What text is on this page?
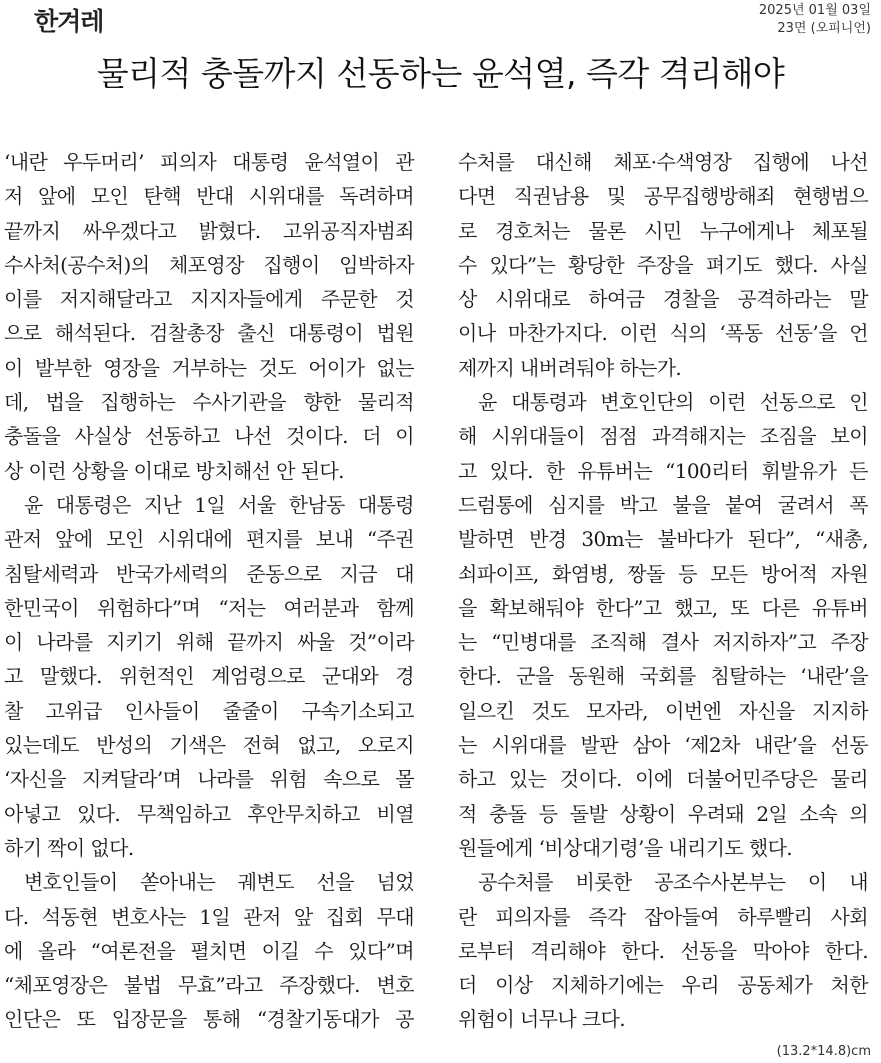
한겨레	2025년 01월 03일
23면 (오피니언)
물리적 충돌까지 선동하는 윤석열, 즉각 격리해야
‘내란 우두머리’ 피의자 대통령 윤석열이 관
저 앞에 모인 탄핵 반대 시위대를 독려하며
끝까지 싸우겠다고 밝혔다. 고위공직자범죄
수사처(공수처)의 체포영장 집행이 임박하자
이를 저지해달라고 지지자들에게 주문한 것
으로 해석된다. 검찰총장 출신 대통령이 법원
이 발부한 영장을 거부하는 것도 어이가 없는
데, 법을 집행하는 수사기관을 향한 물리적
충돌을 사실상 선동하고 나선 것이다. 더 이
상 이런 상황을 이대로 방치해선 안 된다.
윤 대통령은 지난 1일 서울 한남동 대통령
관저 앞에 모인 시위대에 편지를 보내 “주권
침탈세력과 반국가세력의 준동으로 지금 대
한민국이 위험하다”며 “저는 여러분과 함께
이 나라를 지키기 위해 끝까지 싸울 것”이라
고 말했다. 위헌적인 계엄령으로 군대와 경
찰 고위급 인사들이 줄줄이 구속기소되고
있는데도 반성의 기색은 전혀 없고, 오로지
‘자신을 지켜달라’며 나라를 위험 속으로 몰
아넣고 있다. 무책임하고 후안무치하고 비열
하기 짝이 없다.
변호인들이 쏟아내는 궤변도 선을 넘었
다. 석동현 변호사는 1일 관저 앞 집회 무대
에 올라 “여론전을 펼치면 이길 수 있다”며
“체포영장은 불법 무효”라고 주장했다. 변호
인단은 또 입장문을 통해 “경찰기동대가 공
수처를 대신해 체포·수색영장 집행에 나선
다면 직권남용 및 공무집행방해죄 현행범으
로 경호처는 물론 시민 누구에게나 체포될
수 있다”는 황당한 주장을 펴기도 했다. 사실
상 시위대로 하여금 경찰을 공격하라는 말
이나 마찬가지다. 이런 식의 ‘폭동 선동’을 언
제까지 내버려둬야 하는가.
윤 대통령과 변호인단의 이런 선동으로 인
해 시위대들이 점점 과격해지는 조짐을 보이
고 있다. 한 유튜버는 “100리터 휘발유가 든
드럼통에 심지를 박고 불을 붙여 굴려서 폭
발하면 반경 30m는 불바다가 된다”, “새총,
쇠파이프, 화염병, 짱돌 등 모든 방어적 자원
을 확보해둬야 한다”고 했고, 또 다른 유튜버
는 “민병대를 조직해 결사 저지하자”고 주장
한다. 군을 동원해 국회를 침탈하는 ‘내란’을
일으킨 것도 모자라, 이번엔 자신을 지지하
는 시위대를 발판 삼아 ‘제2차 내란’을 선동
하고 있는 것이다. 이에 더불어민주당은 물리
적 충돌 등 돌발 상황이 우려돼 2일 소속 의
원들에게 ‘비상대기령’을 내리기도 했다.
공수처를 비롯한 공조수사본부는 이 내
란 피의자를 즉각 잡아들여 하루빨리 사회
로부터 격리해야 한다. 선동을 막아야 한다.
더 이상 지체하기에는 우리 공동체가 처한
위험이 너무나 크다.
(13.2*14.8)cm
